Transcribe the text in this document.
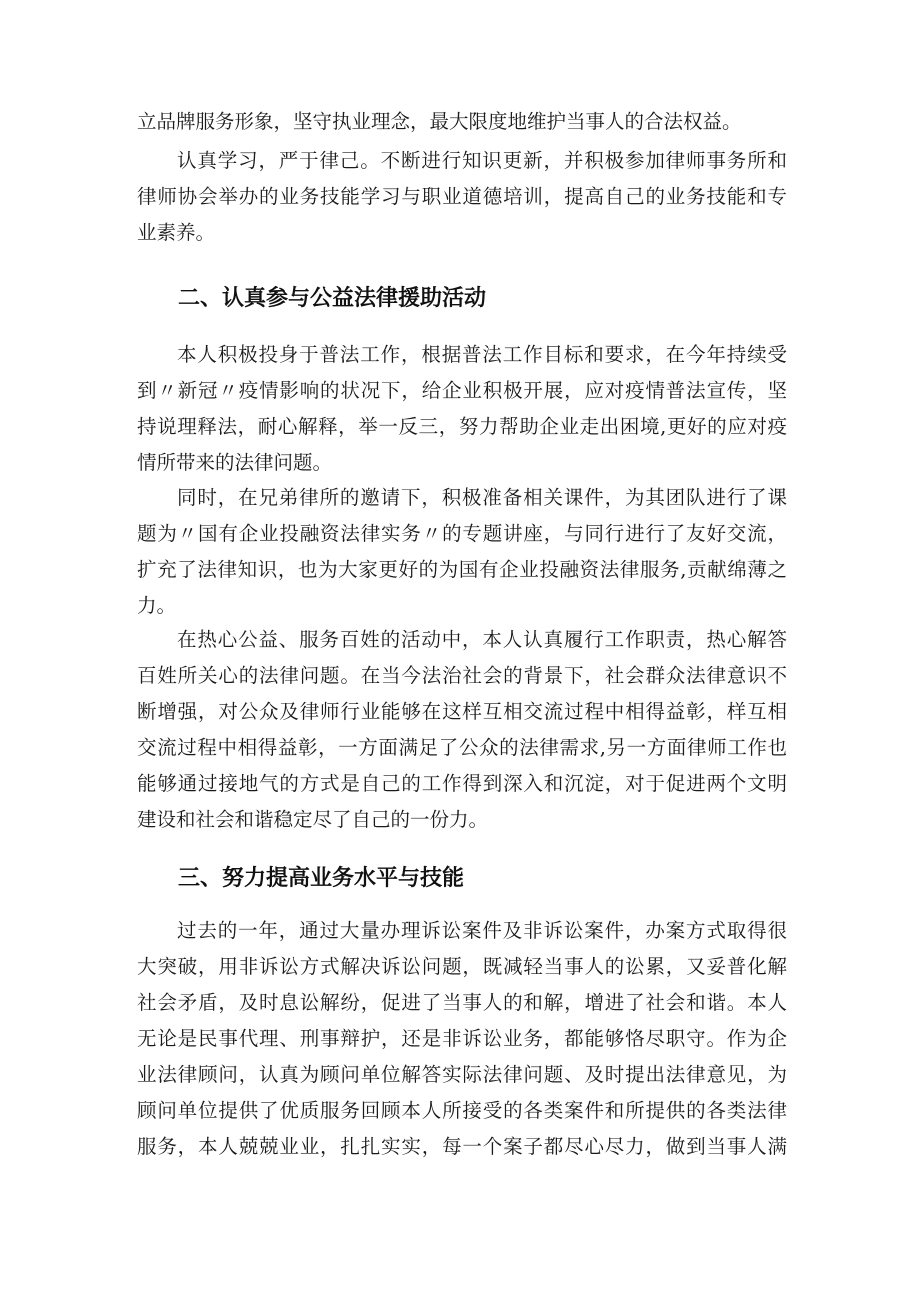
立品牌服务形象，坚守执业理念，最大限度地维护当事人的合法权益。
认真学习，严于律己。不断进行知识更新，并积极参加律师事务所和
律师协会举办的业务技能学习与职业道德培训，提高自己的业务技能和专
业素养。
二、认真参与公益法律援助活动
本人积极投身于普法工作，根据普法工作目标和要求，在今年持续受
到〃新冠〃疫情影响的状况下，给企业积极开展，应对疫情普法宣传，坚
持说理释法，耐心解释，举一反三，努力帮助企业走出困境,更好的应对疫
情所带来的法律问题。
同时，在兄弟律所的邀请下，积极准备相关课件，为其团队进行了课
题为〃国有企业投融资法律实务〃的专题讲座，与同行进行了友好交流，
扩充了法律知识，也为大家更好的为国有企业投融资法律服务,贡献绵薄之
力。
在热心公益、服务百姓的活动中，本人认真履行工作职责，热心解答
百姓所关心的法律问题。在当今法治社会的背景下，社会群众法律意识不
断增强，对公众及律师行业能够在这样互相交流过程中相得益彰，样互相
交流过程中相得益彰，一方面满足了公众的法律需求,另一方面律师工作也
能够通过接地气的方式是自己的工作得到深入和沉淀，对于促进两个文明
建设和社会和谐稳定尽了自己的一份力。
三、努力提高业务水平与技能
过去的一年，通过大量办理诉讼案件及非诉讼案件，办案方式取得很
大突破，用非诉讼方式解决诉讼问题，既减轻当事人的讼累，又妥普化解
社会矛盾，及时息讼解纷，促进了当事人的和解，增进了社会和谐。本人
无论是民事代理、刑事辩护，还是非诉讼业务，都能够恪尽职守。作为企
业法律顾问，认真为顾问单位解答实际法律问题、及时提出法律意见，为
顾问单位提供了优质服务回顾本人所接受的各类案件和所提供的各类法律
服务，本人兢兢业业，扎扎实实，每一个案子都尽心尽力，做到当事人满
